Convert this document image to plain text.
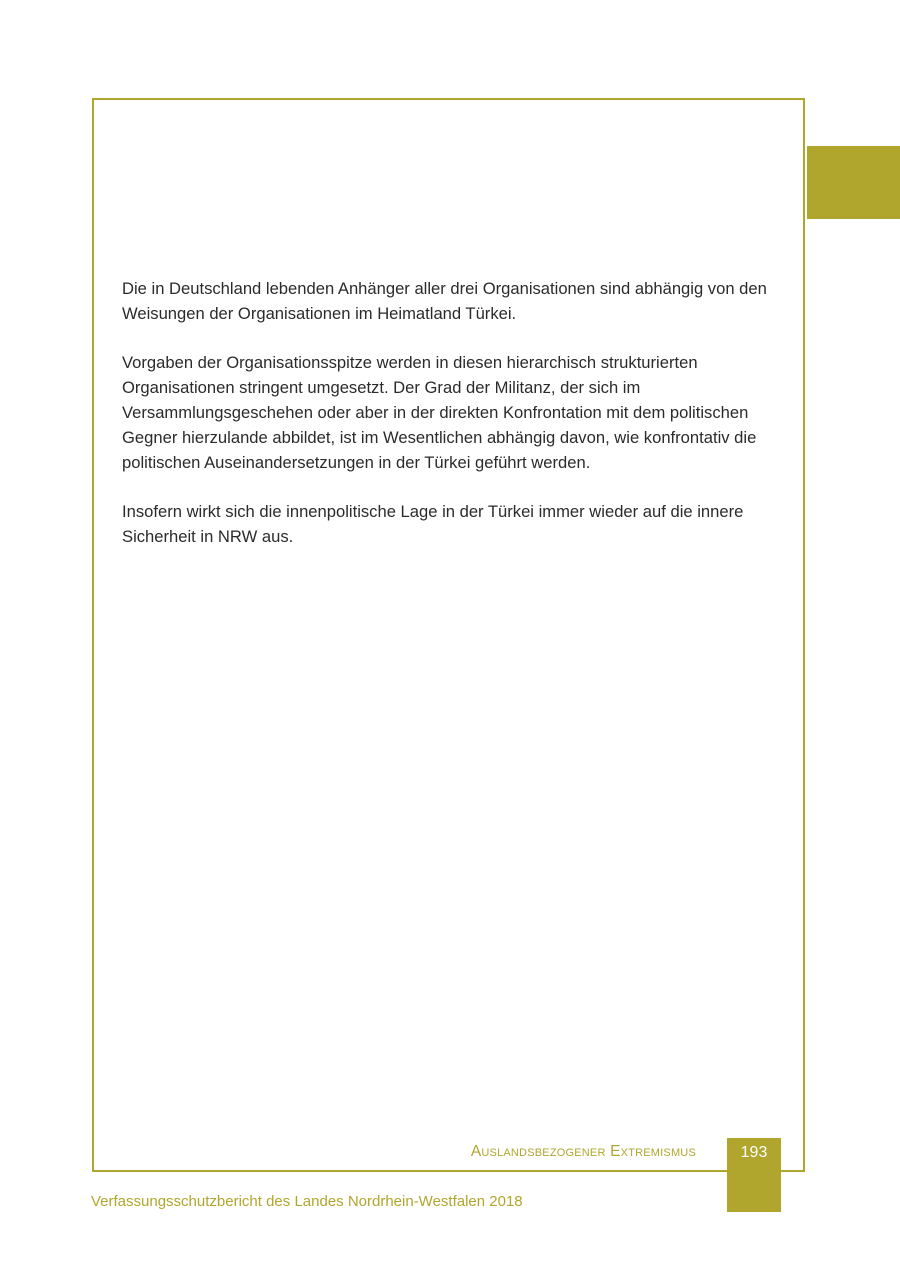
Die in Deutschland lebenden Anhänger aller drei Organisationen sind abhängig von den Weisungen der Organisationen im Heimatland Türkei.

Vorgaben der Organisationsspitze werden in diesen hierarchisch strukturierten Organisationen stringent umgesetzt. Der Grad der Militanz, der sich im Versammlungsgeschehen oder aber in der direkten Konfrontation mit dem politischen Gegner hierzulande abbildet, ist im Wesentlichen abhängig davon, wie konfrontativ die politischen Auseinandersetzungen in der Türkei geführt werden.

Insofern wirkt sich die innenpolitische Lage in der Türkei immer wieder auf die innere Sicherheit in NRW aus.

Auslandsbezogener Extremismus	193
Verfassungsschutzbericht des Landes Nordrhein-Westfalen 2018
